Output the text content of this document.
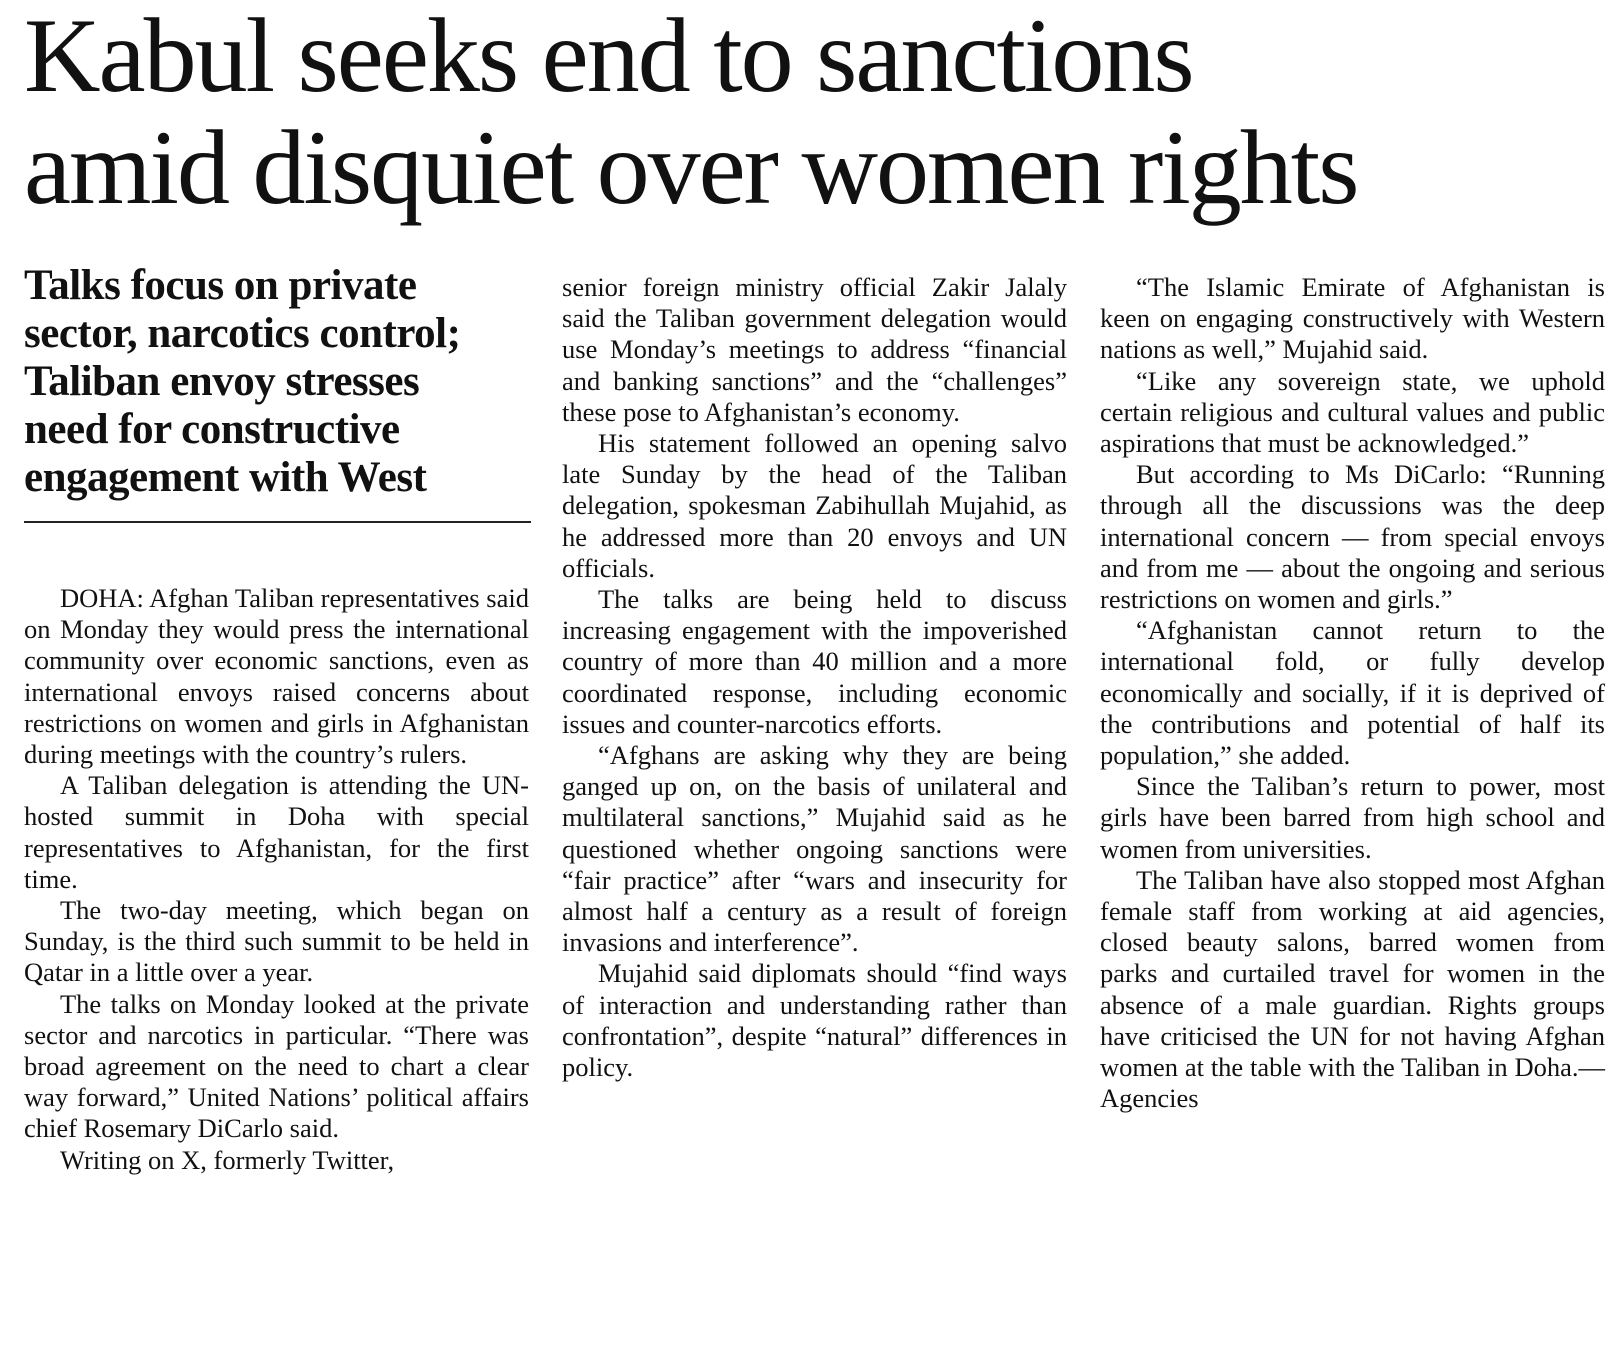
Kabul seeks end to sanctions
amid disquiet over women rights
Talks focus on private
sector, narcotics control;
Taliban envoy stresses
need for constructive
engagement with West

DOHA: Afghan Taliban representatives said on Monday they would press the international community over economic sanctions, even as international envoys raised concerns about restrictions on women and girls in Afghanistan during meetings with the country’s rulers.

A Taliban delegation is attending the UN-hosted summit in Doha with special representatives to Afghanistan, for the first time.

The two-day meeting, which began on Sunday, is the third such summit to be held in Qatar in a little over a year.

The talks on Monday looked at the private sector and narcotics in particular. “There was broad agreement on the need to chart a clear way forward,” United Nations’ political affairs chief Rosemary DiCarlo said.

Writing on X, formerly Twitter,

senior foreign ministry official Zakir Jalaly said the Taliban government delegation would use Monday’s meetings to address “financial and banking sanctions” and the “challenges” these pose to Afghanistan’s economy.

His statement followed an opening salvo late Sunday by the head of the Taliban delegation, spokesman Zabihullah Mujahid, as he addressed more than 20 envoys and UN officials.

The talks are being held to discuss increasing engagement with the impoverished country of more than 40 million and a more coordinated response, including economic issues and counter-narcotics efforts.

“Afghans are asking why they are being ganged up on, on the basis of unilateral and multilateral sanctions,” Mujahid said as he questioned whether ongoing sanctions were “fair practice” after “wars and insecurity for almost half a century as a result of foreign invasions and interference”.

Mujahid said diplomats should “find ways of interaction and understanding rather than confrontation”, despite “natural” differences in policy.

“The Islamic Emirate of Afghanistan is keen on engaging constructively with Western nations as well,” Mujahid said.

“Like any sovereign state, we uphold certain religious and cultural values and public aspirations that must be acknowledged.”

But according to Ms DiCarlo: “Running through all the discussions was the deep international concern — from special envoys and from me — about the ongoing and serious restrictions on women and girls.”

“Afghanistan cannot return to the international fold, or fully develop economically and socially, if it is deprived of the contributions and potential of half its population,” she added.

Since the Taliban’s return to power, most girls have been barred from high school and women from universities.

The Taliban have also stopped most Afghan female staff from working at aid agencies, closed beauty salons, barred women from parks and curtailed travel for women in the absence of a male guardian. Rights groups have criticised the UN for not having Afghan women at the table with the Taliban in Doha.—Agencies
